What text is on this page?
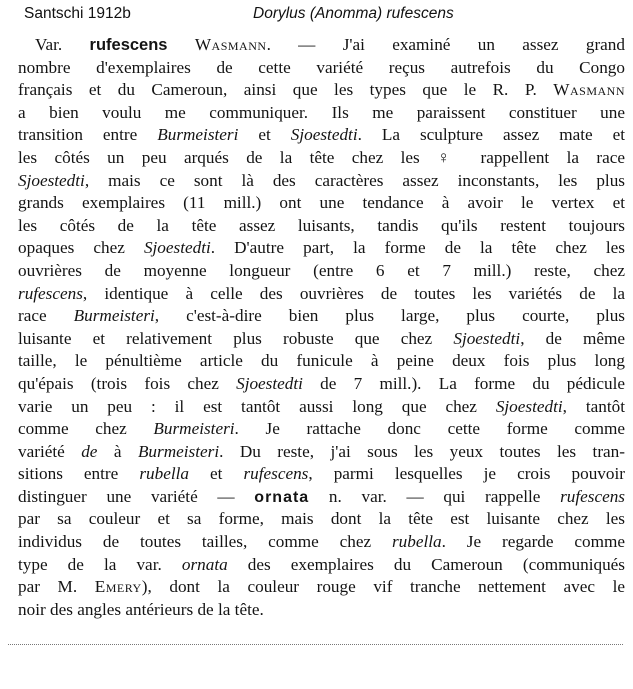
Santschi 1912b	Dorylus (Anomma) rufescens
Var. rufescens Wasmann. — J'ai examiné un assez grand
nombre d'exemplaires de cette variété reçus autrefois du Congo
français et du Cameroun, ainsi que les types que le R. P. Wasmann
a bien voulu me communiquer. Ils me paraissent constituer une
transition entre Burmeisteri et Sjoestedti. La sculpture assez mate et
les côtés un peu arqués de la tête chez les ♀ rappellent la race
Sjoestedti, mais ce sont là des caractères assez inconstants, les plus
grands exemplaires (11 mill.) ont une tendance à avoir le vertex et
les côtés de la tête assez luisants, tandis qu'ils restent toujours
opaques chez Sjoestedti. D'autre part, la forme de la tête chez les
ouvrières de moyenne longueur (entre 6 et 7 mill.) reste, chez
rufescens, identique à celle des ouvrières de toutes les variétés de la
race Burmeisteri, c'est-à-dire bien plus large, plus courte, plus
luisante et relativement plus robuste que chez Sjoestedti, de même
taille, le pénultième article du funicule à peine deux fois plus long
qu'épais (trois fois chez Sjoestedti de 7 mill.). La forme du pédicule
varie un peu : il est tantôt aussi long que chez Sjoestedti, tantôt
comme chez Burmeisteri. Je rattache donc cette forme comme
variété de à Burmeisteri. Du reste, j'ai sous les yeux toutes les tran-
sitions entre rubella et rufescens, parmi lesquelles je crois pouvoir
distinguer une variété — ornata n. var. — qui rappelle rufescens
par sa couleur et sa forme, mais dont la tête est luisante chez les
individus de toutes tailles, comme chez rubella. Je regarde comme
type de la var. ornata des exemplaires du Cameroun (communiqués
par M. Emery), dont la couleur rouge vif tranche nettement avec le
noir des angles antérieurs de la tête.
